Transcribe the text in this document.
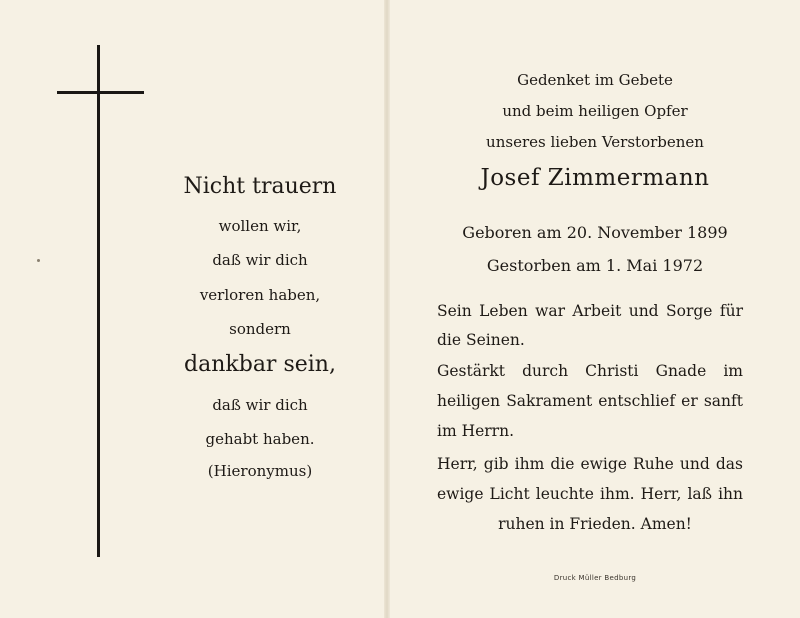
Nicht trauern
wollen wir,
daß wir dich
verloren haben,
sondern
dankbar sein,
daß wir dich
gehabt haben.
(Hieronymus)
Gedenket im Gebete
und beim heiligen Opfer
unseres lieben Verstorbenen
Josef Zimmermann
Geboren am 20. November 1899
Gestorben am 1. Mai 1972
Sein Leben war Arbeit und Sorge für
die Seinen.
Gestärkt durch Christi Gnade im
heiligen Sakrament entschlief er sanft
im Herrn.
Herr, gib ihm die ewige Ruhe und das
ewige Licht leuchte ihm. Herr, laß ihn
ruhen in Frieden. Amen!
Druck Müller Bedburg
